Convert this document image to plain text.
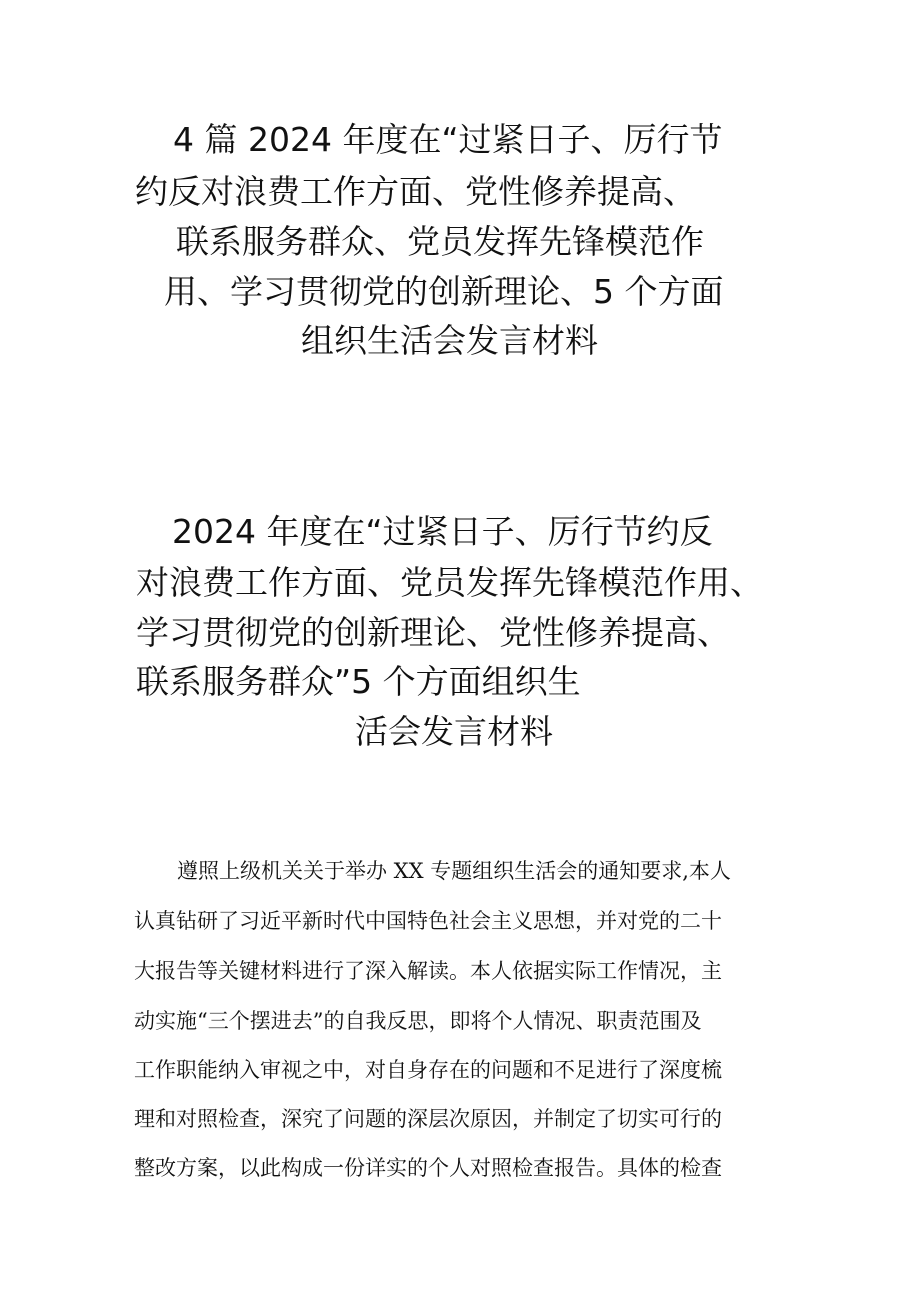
4 篇 2024 年度在“过紧日子、厉行节
约反对浪费工作方面、党性修养提高、
联系服务群众、党员发挥先锋模范作
用、学习贯彻党的创新理论、5 个方面
组织生活会发言材料
2024 年度在“过紧日子、厉行节约反
对浪费工作方面、党员发挥先锋模范作用、
学习贯彻党的创新理论、党性修养提高、
联系服务群众”5 个方面组织生
活会发言材料
遵照上级机关关于举办 XX 专题组织生活会的通知要求,本人
认真钻研了习近平新时代中国特色社会主义思想，并对党的二十
大报告等关键材料进行了深入解读。本人依据实际工作情况，主
动实施“三个摆进去”的自我反思，即将个人情况、职责范围及
工作职能纳入审视之中，对自身存在的问题和不足进行了深度梳
理和对照检查，深究了问题的深层次原因，并制定了切实可行的
整改方案，以此构成一份详实的个人对照检查报告。具体的检查
